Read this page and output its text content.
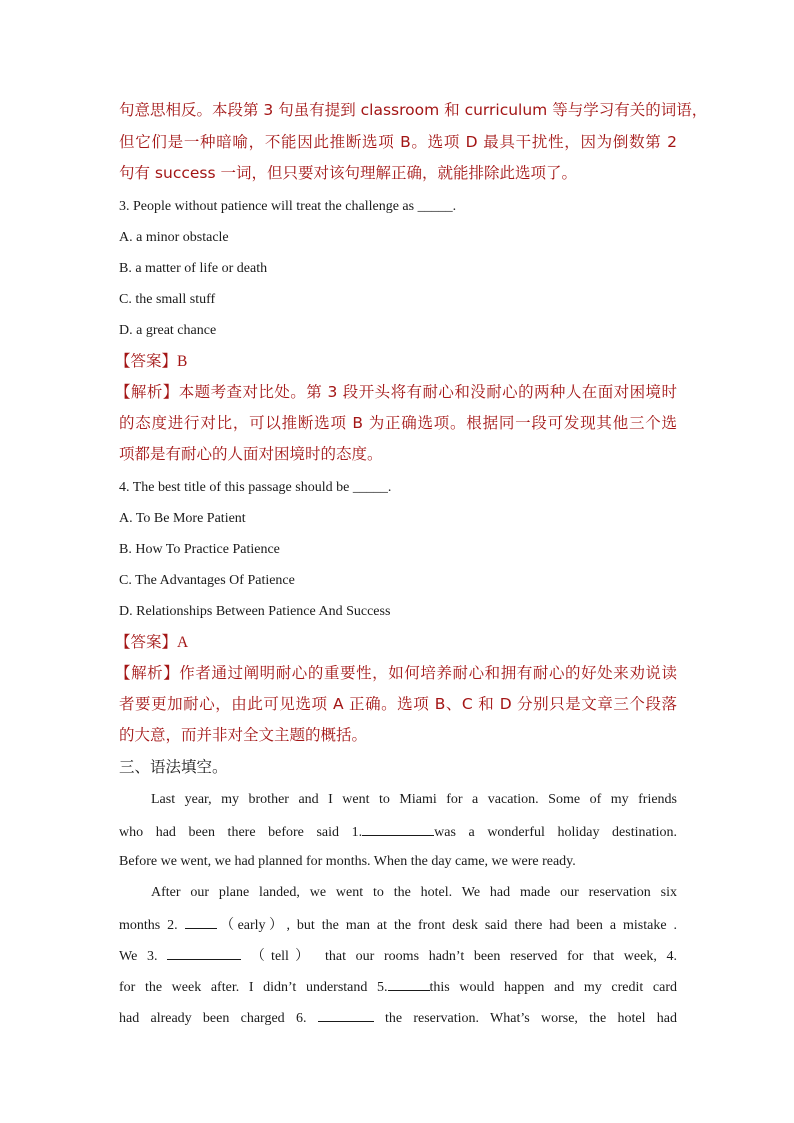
句意思相反。本段第 3 句虽有提到 classroom 和 curriculum 等与学习有关的词语，
但它们是一种暗喻，不能因此推断选项 B。选项 D 最具干扰性，因为倒数第 2
句有 success 一词，但只要对该句理解正确，就能排除此选项了。
3. People without patience will treat the challenge as _____.
A. a minor obstacle
B. a matter of life or death
C. the small stuff
D. a great chance
【答案】B
【解析】本题考查对比处。第 3 段开头将有耐心和没耐心的两种人在面对困境时
的态度进行对比，可以推断选项 B 为正确选项。根据同一段可发现其他三个选
项都是有耐心的人面对困境时的态度。
4. The best title of this passage should be _____.
A. To Be More Patient
B. How To Practice Patience
C. The Advantages Of Patience
D. Relationships Between Patience And Success
【答案】A
【解析】作者通过阐明耐心的重要性，如何培养耐心和拥有耐心的好处来劝说读
者要更加耐心，由此可见选项 A 正确。选项 B、C 和 D 分别只是文章三个段落
的大意，而并非对全文主题的概括。
三、语法填空。
Last year, my brother and I went to Miami for a vacation. Some of my friends
who had been there before said 1.	was a wonderful holiday destination.
Before we went, we had planned for months. When the day came, we were ready.
After our plane landed, we went to the hotel. We had made our reservation six
months 2.	（early）, but the man at the front desk said there had been a mistake .
We 3.	（tell） that our rooms hadn’t been reserved for that week, 4.
for the week after. I didn’t understand 5.	this would happen and my credit card
had already been charged 6.	the reservation. What’s worse, the hotel had
